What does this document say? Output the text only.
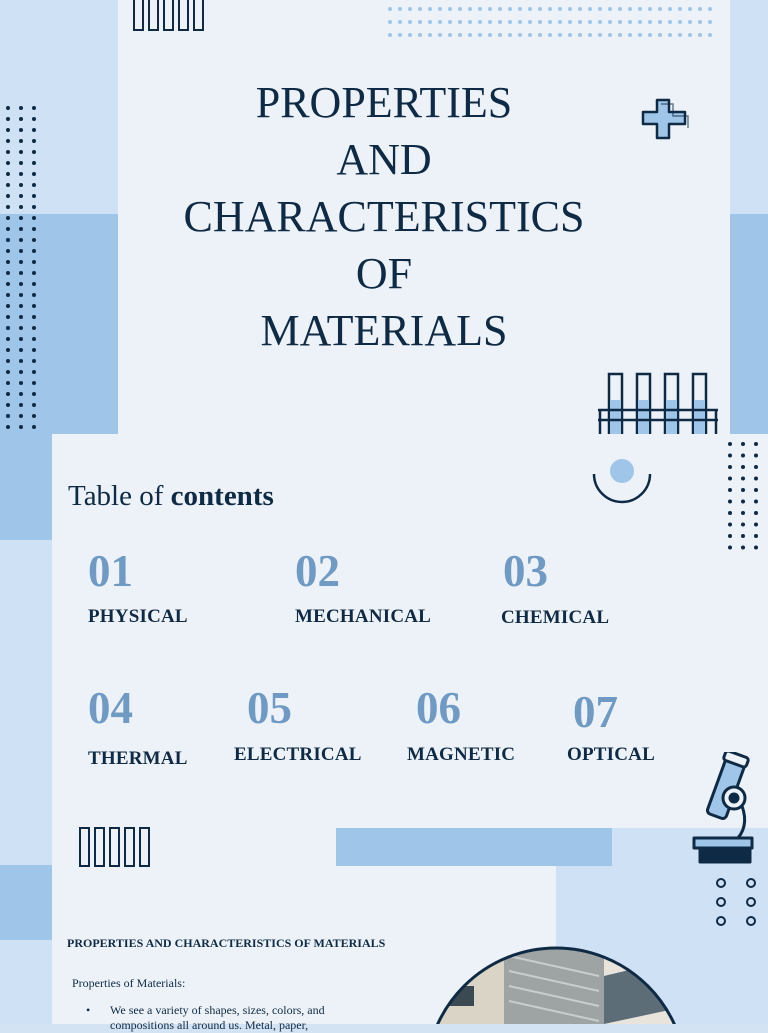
PROPERTIES
AND
CHARACTERISTICS
OF
MATERIALS
Table of contents

01

PHYSICAL

02

MECHANICAL

03

CHEMICAL

04

THERMAL

05

ELECTRICAL

06

MAGNETIC

07

OPTICAL

PROPERTIES AND CHARACTERISTICS OF MATERIALS

Properties of Materials:

•	We see a variety of shapes, sizes, colors, and compositions all around us. Metal, paper,
